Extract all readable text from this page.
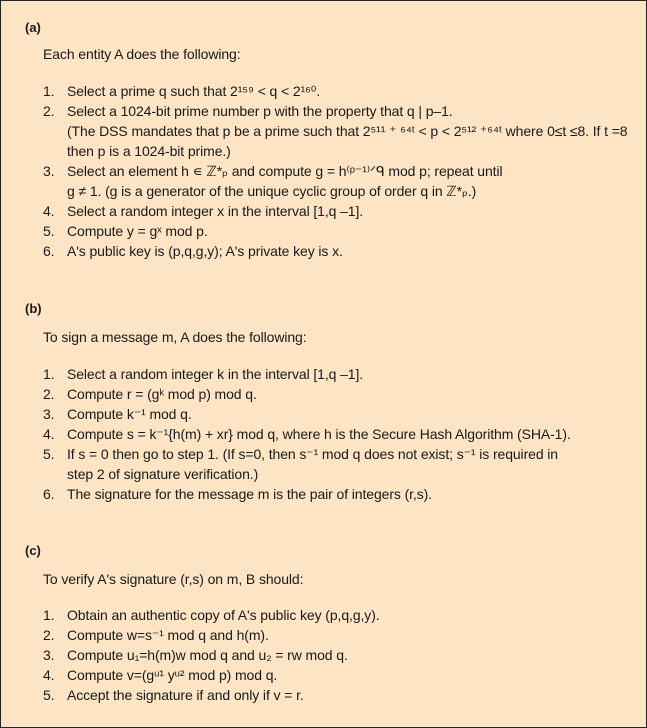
(a)
Each entity A does the following:
1. Select a prime q such that 2¹⁵⁹ < q < 2¹⁶⁰.
2. Select a 1024-bit prime number p with the property that q | p–1.
(The DSS mandates that p be a prime such that 2⁵¹¹ ⁺ ⁶⁴ᵗ < p < 2⁵¹² ⁺⁶⁴ᵗ where 0≤t ≤8. If t =8 then p is a 1024-bit prime.)
3. Select an element h ∊ ℤ*ₚ and compute g = h⁽ᵖ⁻¹⁾ᐟᑫ mod p; repeat until
g ≠ 1. (g is a generator of the unique cyclic group of order q in ℤ*ₚ.)
4. Select a random integer x in the interval [1,q –1].
5. Compute y = gˣ mod p.
6. A's public key is (p,q,g,y); A's private key is x.
(b)
To sign a message m, A does the following:
1. Select a random integer k in the interval [1,q –1].
2. Compute r = (gᵏ mod p) mod q.
3. Compute k⁻¹ mod q.
4. Compute s = k⁻¹{h(m) + xr} mod q, where h is the Secure Hash Algorithm (SHA-1).
5. If s = 0 then go to step 1. (If s=0, then s⁻¹ mod q does not exist; s⁻¹ is required in
step 2 of signature verification.)
6. The signature for the message m is the pair of integers (r,s).
(c)
To verify A's signature (r,s) on m, B should:
1. Obtain an authentic copy of A's public key (p,q,g,y).
2. Compute w=s⁻¹ mod q and h(m).
3. Compute u₁=h(m)w mod q and u₂ = rw mod q.
4. Compute v=(gᵘ¹ yᵘ² mod p) mod q.
5. Accept the signature if and only if v = r.
